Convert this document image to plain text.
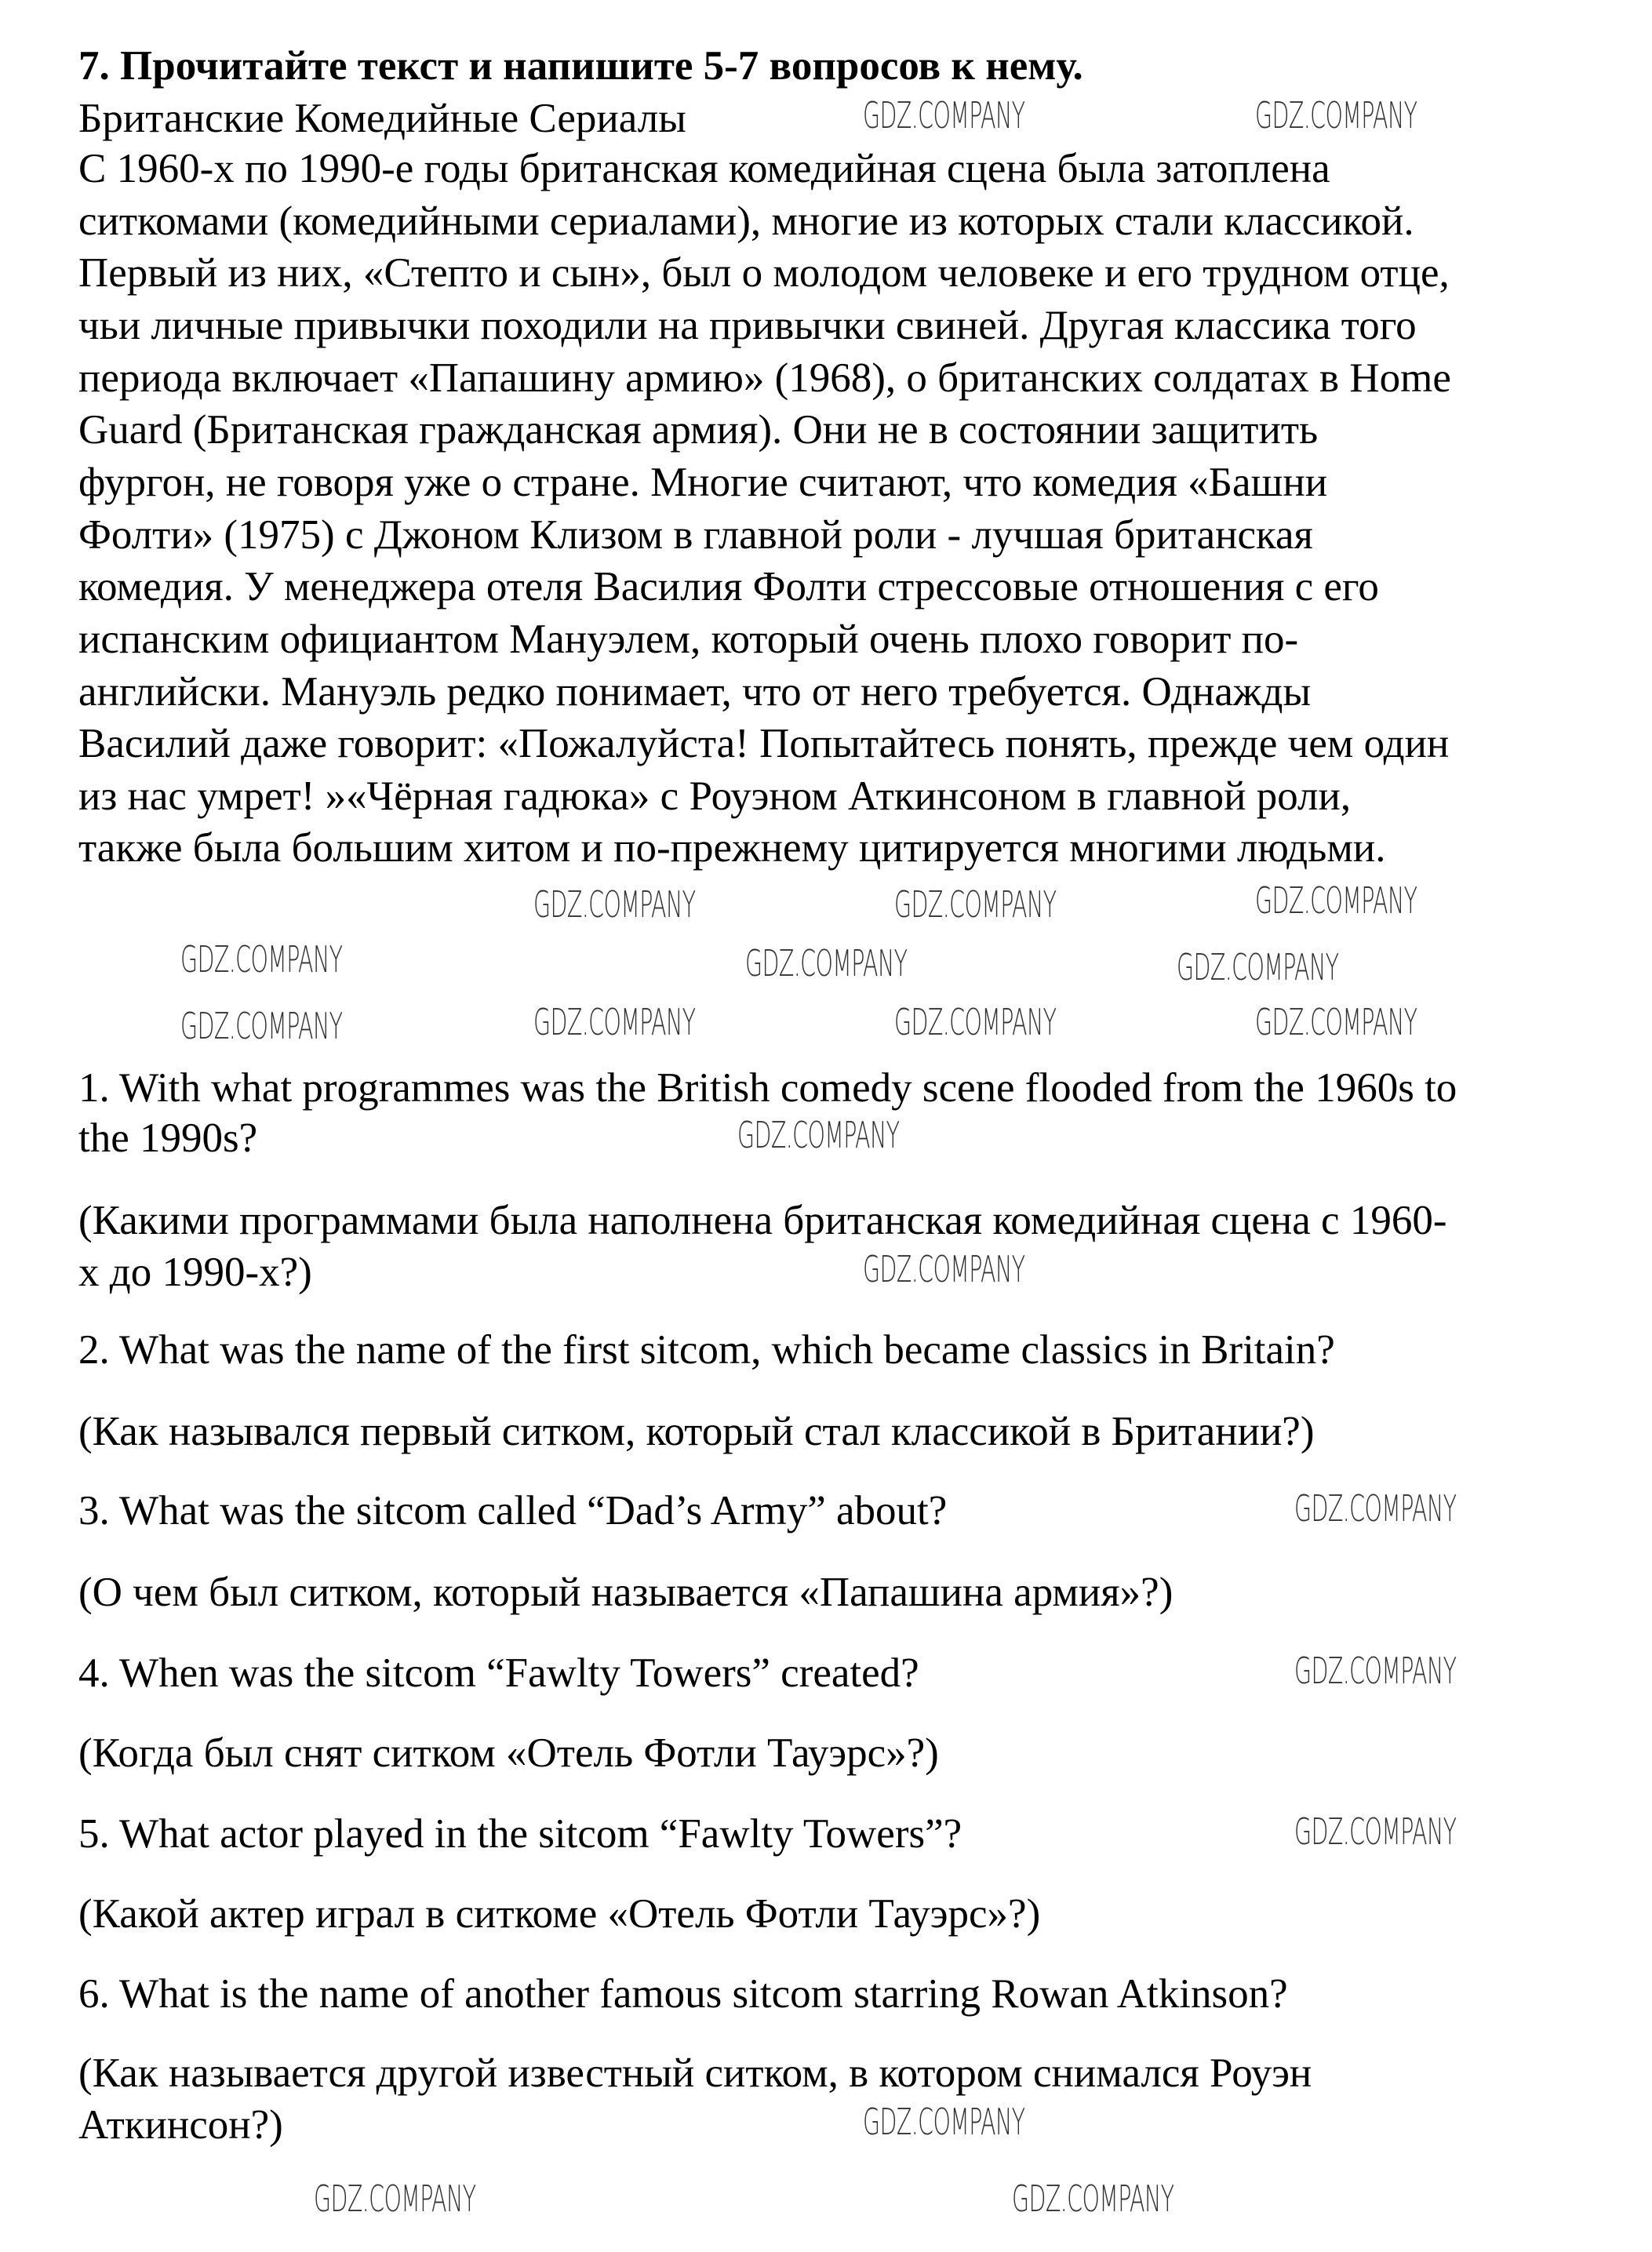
7. Прочитайте текст и напишите 5-7 вопросов к нему.
Британские Комедийные Сериалы
С 1960-х по 1990-е годы британская комедийная сцена была затоплена
ситкомами (комедийными сериалами), многие из которых стали классикой.
Первый из них, «Степто и сын», был о молодом человеке и его трудном отце,
чьи личные привычки походили на привычки свиней. Другая классика того
периода включает «Папашину армию» (1968), о британских солдатах в Home
Guard (Британская гражданская армия). Они не в состоянии защитить
фургон, не говоря уже о стране. Многие считают, что комедия «Башни
Фолти» (1975) с Джоном Клизом в главной роли - лучшая британская
комедия. У менеджера отеля Василия Фолти стрессовые отношения с его
испанским официантом Мануэлем, который очень плохо говорит по-
английски. Мануэль редко понимает, что от него требуется. Однажды
Василий даже говорит: «Пожалуйста! Попытайтесь понять, прежде чем один
из нас умрет! »«Чёрная гадюка» с Роуэном Аткинсоном в главной роли,
также была большим хитом и по-прежнему цитируется многими людьми.
1. With what programmes was the British comedy scene flooded from the 1960s to
the 1990s?
(Какими программами была наполнена британская комедийная сцена с 1960-
х до 1990-х?)
2. What was the name of the first sitcom, which became classics in Britain?
(Как назывался первый ситком, который стал классикой в Британии?)
3. What was the sitcom called “Dad’s Army” about?
(О чем был ситком, который называется «Папашина армия»?)
4. When was the sitcom “Fawlty Towers” created?
(Когда был снят ситком «Отель Фотли Тауэрс»?)
5. What actor played in the sitcom “Fawlty Towers”?
(Какой актер играл в ситкоме «Отель Фотли Тауэрс»?)
6. What is the name of another famous sitcom starring Rowan Atkinson?
(Как называется другой известный ситком, в котором снимался Роуэн
Аткинсон?)
GDZ.COMPANY	GDZ.COMPANY
GDZ.COMPANY	GDZ.COMPANY	GDZ.COMPANY
GDZ.COMPANY	GDZ.COMPANY	GDZ.COMPANY
GDZ.COMPANY	GDZ.COMPANY	GDZ.COMPANY
GDZ.COMPANY
GDZ.COMPANY
GDZ.COMPANY
GDZ.COMPANY
GDZ.COMPANY
GDZ.COMPANY
GDZ.COMPANY
GDZ.COMPANY	GDZ.COMPANY
